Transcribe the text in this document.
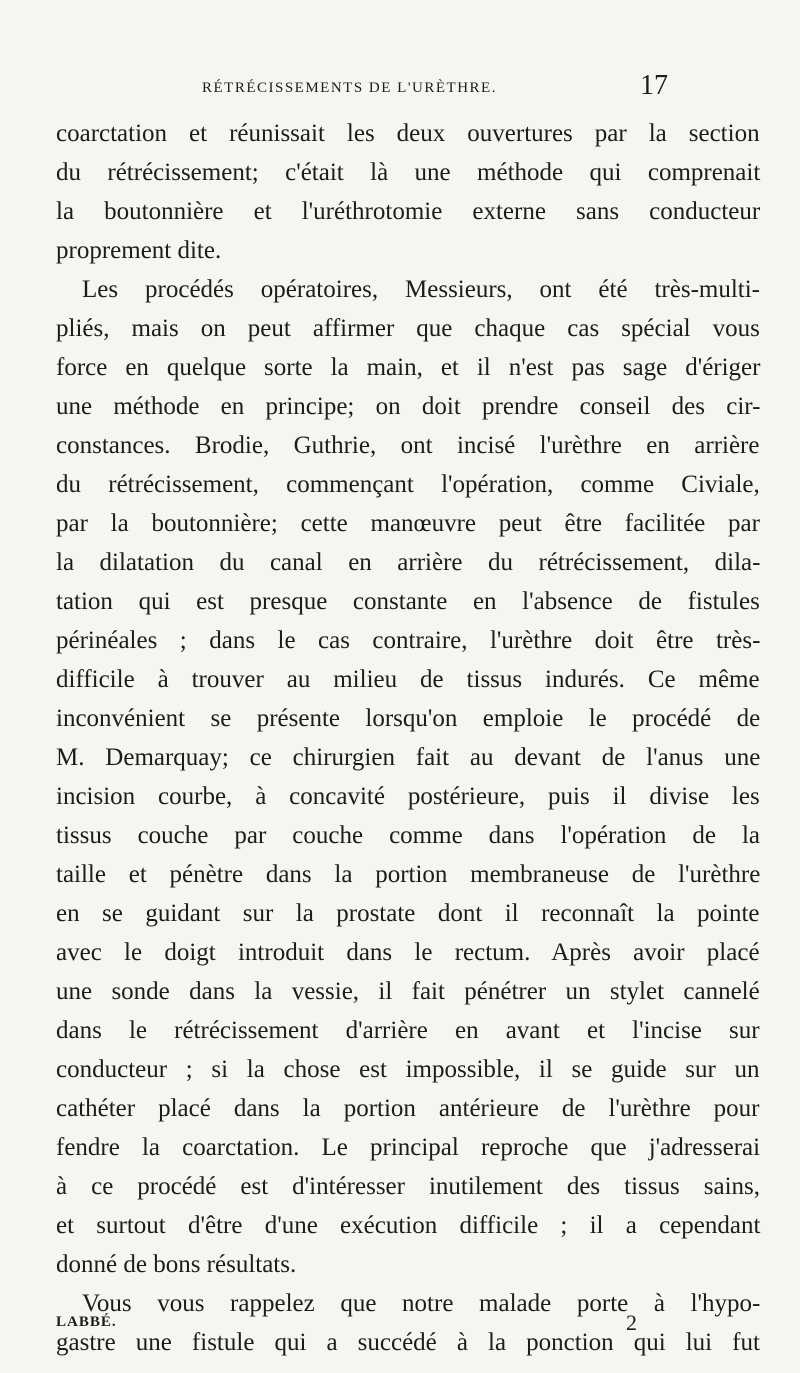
RÉTRÉCISSEMENTS DE L'URÈTHRE.	17
coarctation et réunissait les deux ouvertures par la section
du rétrécissement; c'était là une méthode qui comprenait
la boutonnière et l'uréthrotomie externe sans conducteur
proprement dite.
Les procédés opératoires, Messieurs, ont été très-multi-
pliés, mais on peut affirmer que chaque cas spécial vous
force en quelque sorte la main, et il n'est pas sage d'ériger
une méthode en principe; on doit prendre conseil des cir-
constances. Brodie, Guthrie, ont incisé l'urèthre en arrière
du rétrécissement, commençant l'opération, comme Civiale,
par la boutonnière; cette manœuvre peut être facilitée par
la dilatation du canal en arrière du rétrécissement, dila-
tation qui est presque constante en l'absence de fistules
périnéales ; dans le cas contraire, l'urèthre doit être très-
difficile à trouver au milieu de tissus indurés. Ce même
inconvénient se présente lorsqu'on emploie le procédé de
M. Demarquay; ce chirurgien fait au devant de l'anus une
incision courbe, à concavité postérieure, puis il divise les
tissus couche par couche comme dans l'opération de la
taille et pénètre dans la portion membraneuse de l'urèthre
en se guidant sur la prostate dont il reconnaît la pointe
avec le doigt introduit dans le rectum. Après avoir placé
une sonde dans la vessie, il fait pénétrer un stylet cannelé
dans le rétrécissement d'arrière en avant et l'incise sur
conducteur ; si la chose est impossible, il se guide sur un
cathéter placé dans la portion antérieure de l'urèthre pour
fendre la coarctation. Le principal reproche que j'adresserai
à ce procédé est d'intéresser inutilement des tissus sains,
et surtout d'être d'une exécution difficile ; il a cependant
donné de bons résultats.
Vous vous rappelez que notre malade porte à l'hypo-
gastre une fistule qui a succédé à la ponction qui lui fut
LABBÉ.	2
